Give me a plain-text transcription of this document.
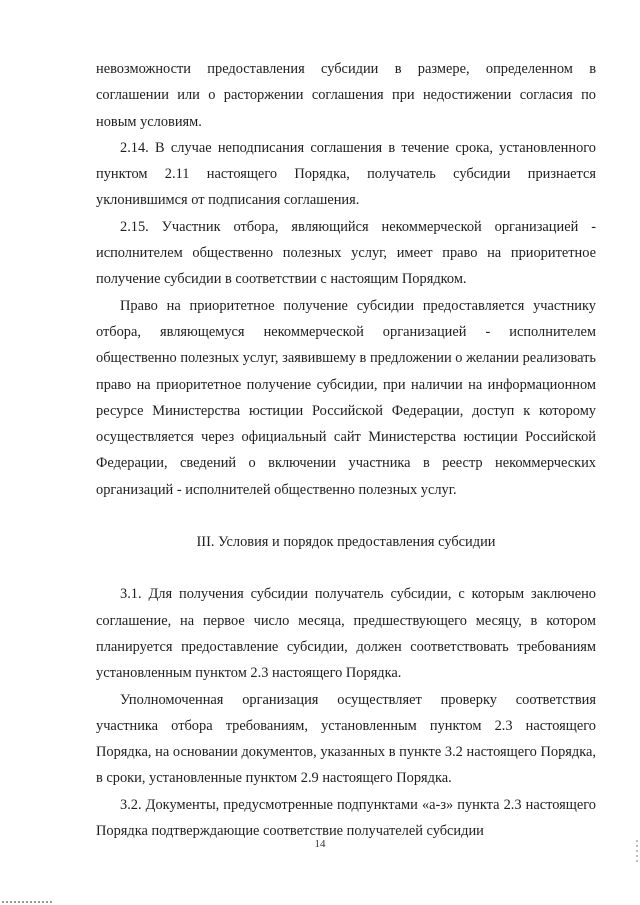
невозможности предоставления субсидии в размере, определенном в соглашении или о расторжении соглашения при недостижении согласия по новым условиям.

2.14. В случае неподписания соглашения в течение срока, установленного пунктом 2.11 настоящего Порядка, получатель субсидии признается уклонившимся от подписания соглашения.

2.15. Участник отбора, являющийся некоммерческой организацией - исполнителем общественно полезных услуг, имеет право на приоритетное получение субсидии в соответствии с настоящим Порядком.

Право на приоритетное получение субсидии предоставляется участнику отбора, являющемуся некоммерческой организацией - исполнителем общественно полезных услуг, заявившему в предложении о желании реализовать право на приоритетное получение субсидии, при наличии на информационном ресурсе Министерства юстиции Российской Федерации, доступ к которому осуществляется через официальный сайт Министерства юстиции Российской Федерации, сведений о включении участника в реестр некоммерческих организаций - исполнителей общественно полезных услуг.

III. Условия и порядок предоставления субсидии

3.1. Для получения субсидии получатель субсидии, с которым заключено соглашение, на первое число месяца, предшествующего месяцу, в котором планируется предоставление субсидии, должен соответствовать требованиям установленным пунктом 2.3 настоящего Порядка.

Уполномоченная организация осуществляет проверку соответствия участника отбора требованиям, установленным пунктом 2.3 настоящего Порядка, на основании документов, указанных в пункте 3.2 настоящего Порядка, в сроки, установленные пунктом 2.9 настоящего Порядка.

3.2. Документы, предусмотренные подпунктами «а-з» пункта 2.3 настоящего Порядка подтверждающие соответствие получателей субсидии

14
